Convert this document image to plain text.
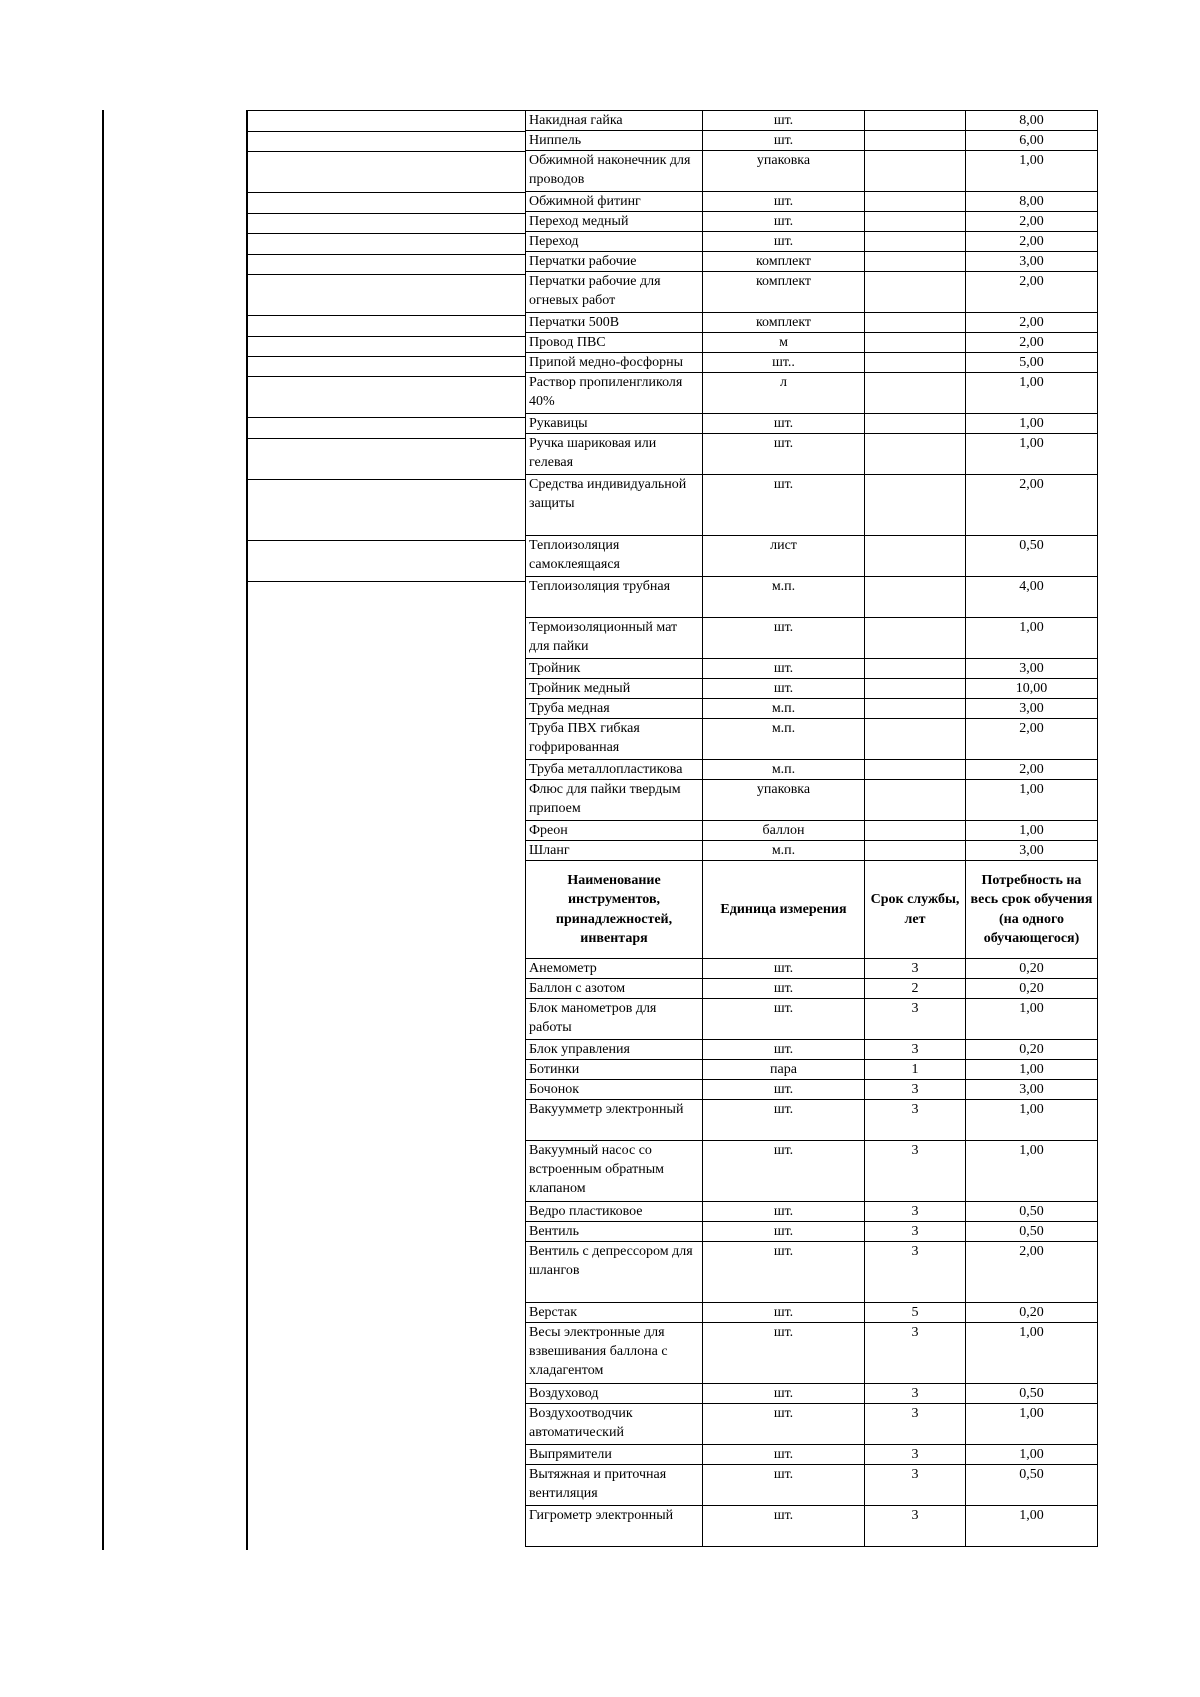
Накидная гайка	шт.		8,00
Ниппель	шт.		6,00
Обжимной наконечник для проводов	упаковка		1,00
Обжимной фитинг	шт.		8,00
Переход медный	шт.		2,00
Переход	шт.		2,00
Перчатки рабочие	комплект		3,00
Перчатки рабочие для огневых работ	комплект		2,00
Перчатки 500В	комплект		2,00
Провод ПВС	м		2,00
Припой медно-фосфорны	шт..		5,00
Раствор пропиленгликоля 40%	л		1,00
Рукавицы	шт.		1,00
Ручка шариковая или гелевая	шт.		1,00
Средства индивидуальной защиты	шт.		2,00
Теплоизоляция самоклеящаяся	лист		0,50
Теплоизоляция трубная	м.п.		4,00
Термоизоляционный мат для пайки	шт.		1,00
Тройник	шт.		3,00
Тройник медный	шт.		10,00
Труба медная	м.п.		3,00
Труба ПВХ гибкая гофрированная	м.п.		2,00
Труба металлопластикова	м.п.		2,00
Флюс для пайки твердым припоем	упаковка		1,00
Фреон	баллон		1,00
Шланг	м.п.		3,00
Наименование инструментов, принадлежностей, инвентаря	Единица измерения	Срок службы, лет	Потребность на весь срок обучения (на одного обучающегося)
Анемометр	шт.	3	0,20
Баллон с азотом	шт.	2	0,20
Блок манометров для работы	шт.	3	1,00
Блок управления	шт.	3	0,20
Ботинки	пара	1	1,00
Бочонок	шт.	3	3,00
Вакуумметр электронный	шт.	3	1,00
Вакуумный насос со встроенным обратным клапаном	шт.	3	1,00
Ведро пластиковое	шт.	3	0,50
Вентиль	шт.	3	0,50
Вентиль с депрессором для шлангов	шт.	3	2,00
Верстак	шт.	5	0,20
Весы электронные для взвешивания баллона с хладагентом	шт.	3	1,00
Воздуховод	шт.	3	0,50
Воздухоотводчик автоматический	шт.	3	1,00
Выпрямители	шт.	3	1,00
Вытяжная и приточная вентиляция	шт.	3	0,50
Гигрометр электронный	шт.	3	1,00
